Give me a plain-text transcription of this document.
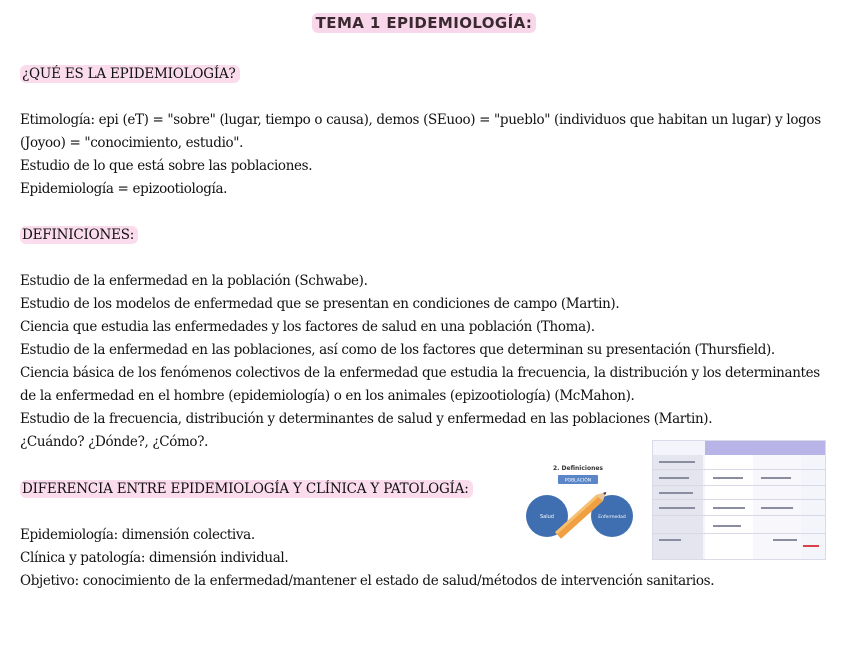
TEMA 1 EPIDEMIOLOGÍA:
¿QUÉ ES LA EPIDEMIOLOGÍA?
Etimología: epi (eT) = "sobre" (lugar, tiempo o causa), demos (SEuoo) = "pueblo" (individuos que habitan un lugar) y logos
(Joyoo) = "conocimiento, estudio".
Estudio de lo que está sobre las poblaciones.
Epidemiología = epizootiología.
DEFINICIONES:
Estudio de la enfermedad en la población (Schwabe).
Estudio de los modelos de enfermedad que se presentan en condiciones de campo (Martin).
Ciencia que estudia las enfermedades y los factores de salud en una población (Thoma).
Estudio de la enfermedad en las poblaciones, así como de los factores que determinan su presentación (Thursfield).
Ciencia básica de los fenómenos colectivos de la enfermedad que estudia la frecuencia, la distribución y los determinantes
de la enfermedad en el hombre (epidemiología) o en los animales (epizootiología) (McMahon).
Estudio de la frecuencia, distribución y determinantes de salud y enfermedad en las poblaciones (Martin).
¿Cuándo? ¿Dónde?, ¿Cómo?.
DIFERENCIA ENTRE EPIDEMIOLOGÍA Y CLÍNICA Y PATOLOGÍA:
Epidemiología: dimensión colectiva.
Clínica y patología: dimensión individual.
Objetivo: conocimiento de la enfermedad/mantener el estado de salud/métodos de intervención sanitarios.
2. Definiciones
POBLACIÓN
Salud	Enfermedad
